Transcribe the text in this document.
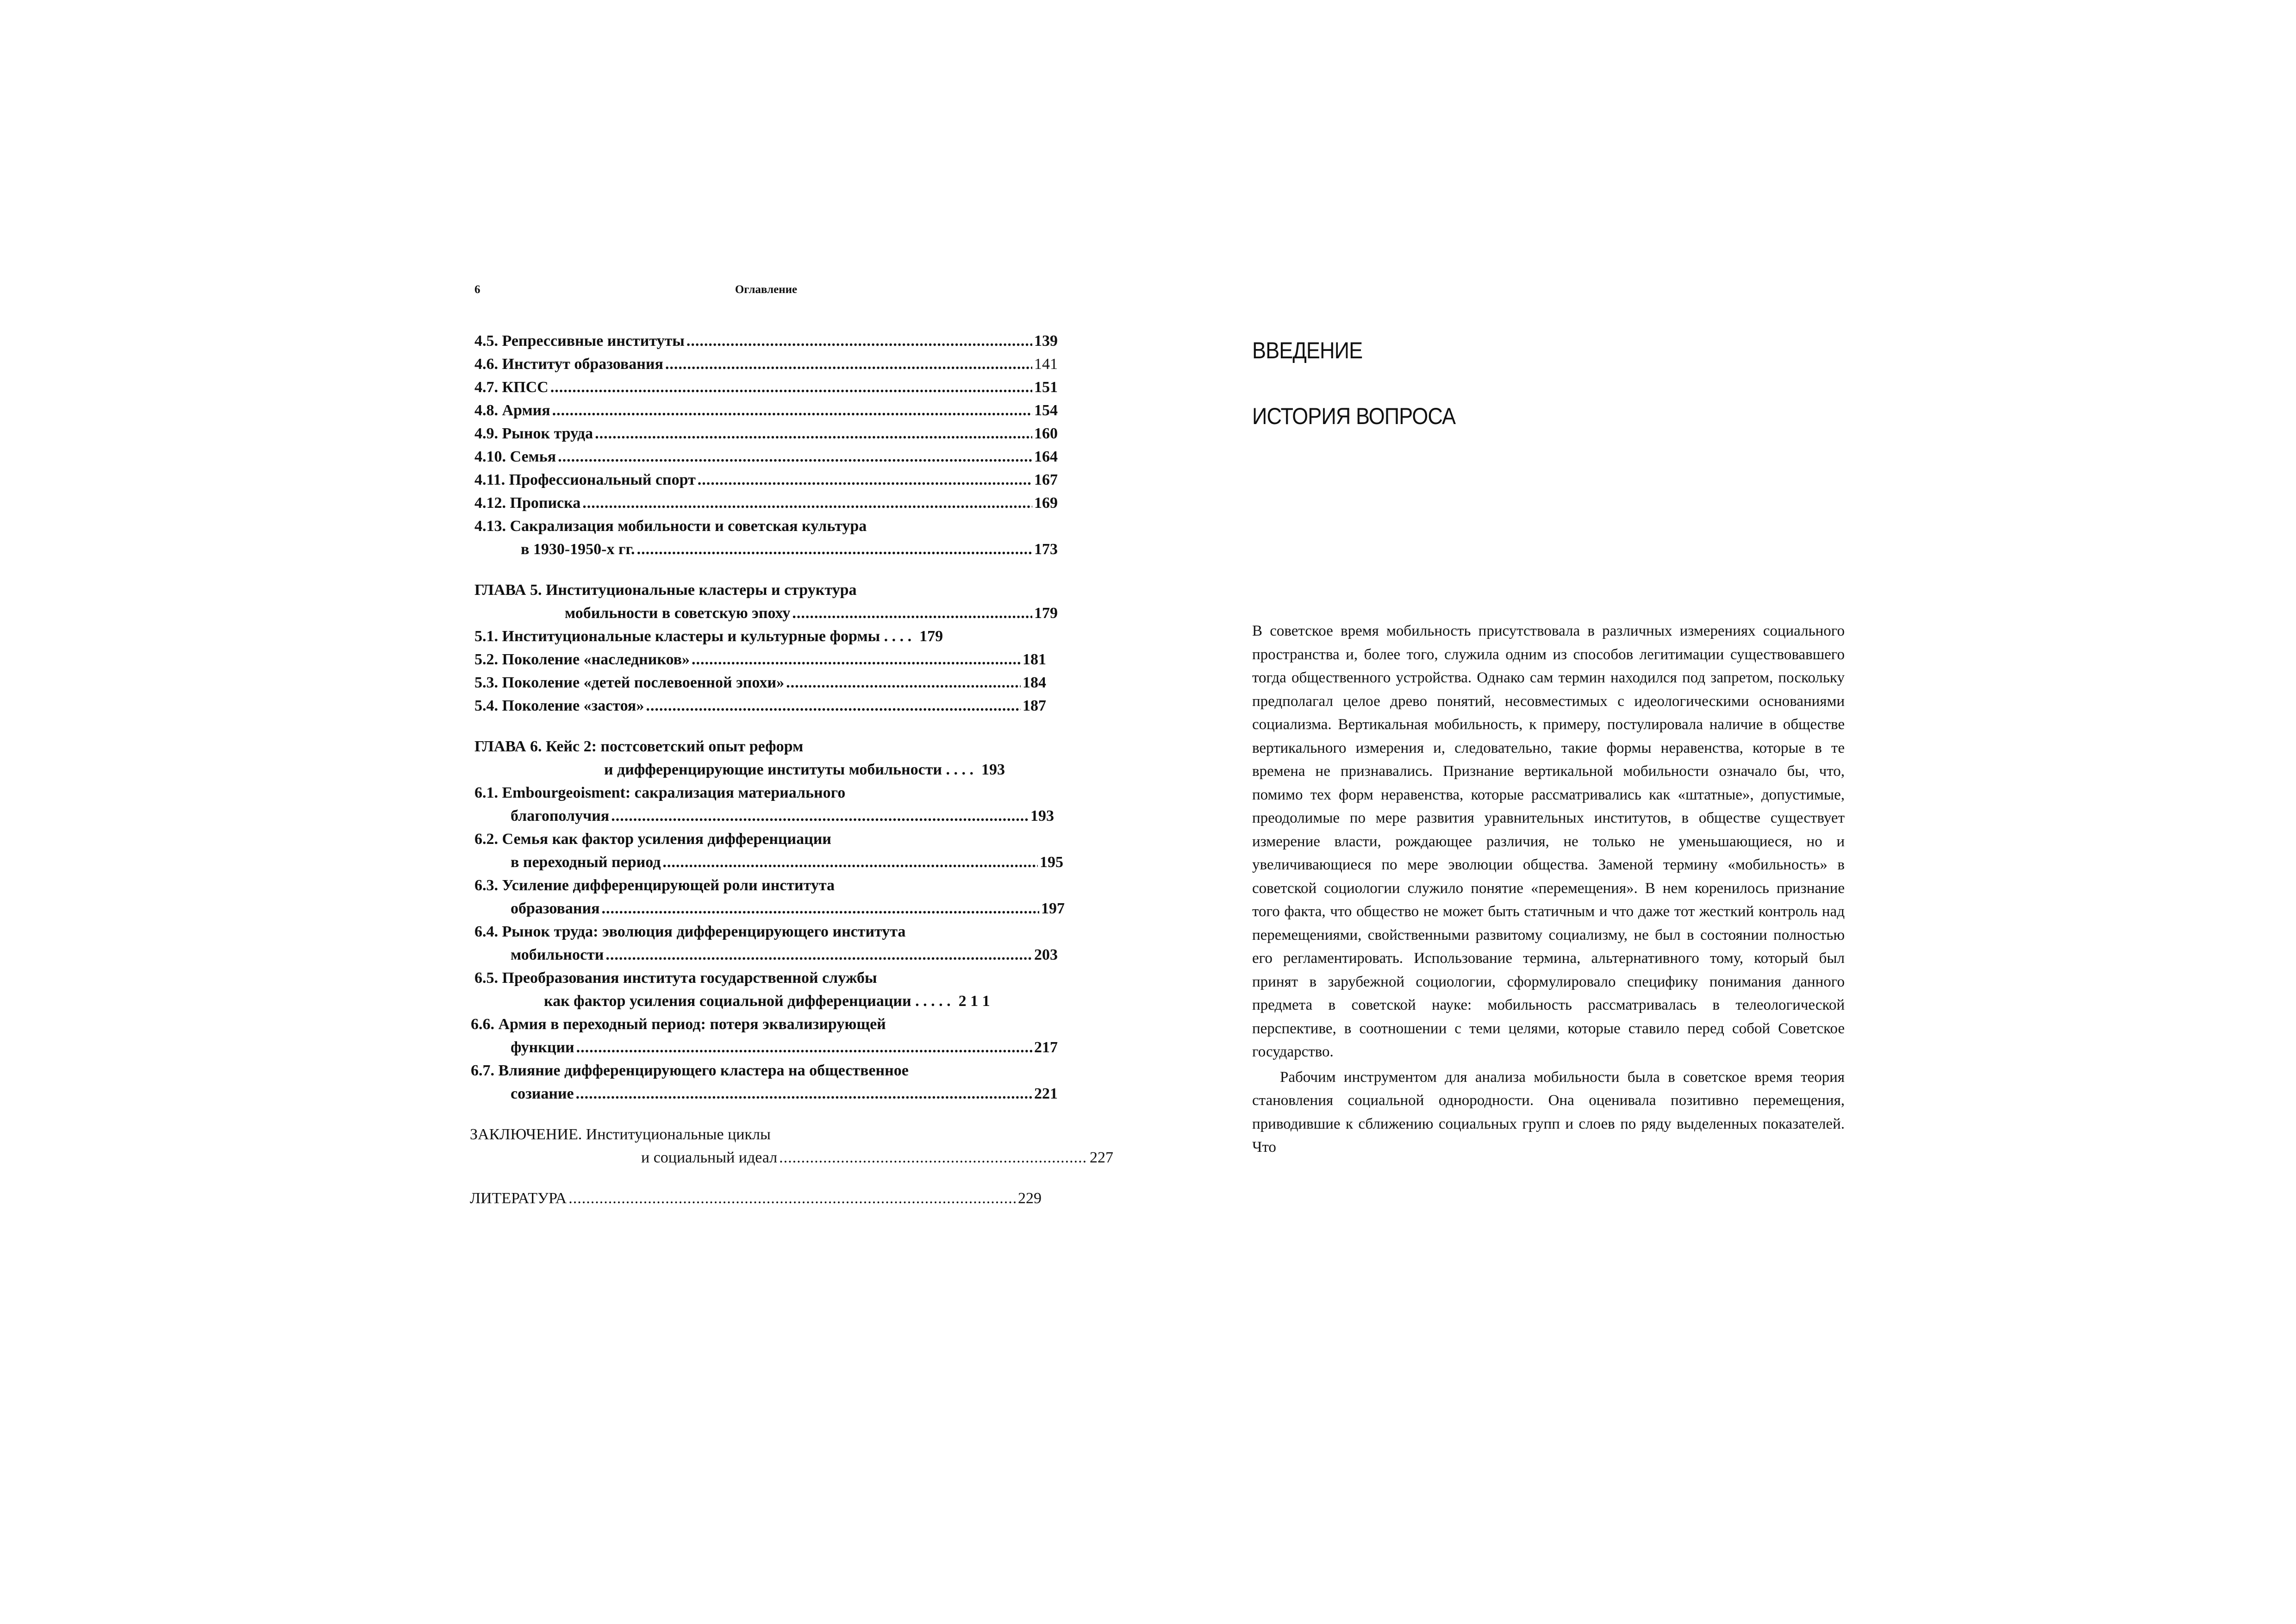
6	Оглавление
4.5. Репрессивные институты .....	139
4.6. Институт образования .....	141
4.7. КПСС .....	151
4.8. Армия .....	154
4.9. Рынок труда .....	160
4.10. Семья .....	164
4.11. Профессиональный спорт .....	167
4.12. Прописка .....	169
4.13. Сакрализация мобильности и советская культура
в 1930-1950-х гг. .....	173
ГЛАВА 5. Институциональные кластеры и структура
мобильности в советскую эпоху .....	179
5.1. Институциональные кластеры и культурные формы . . . . 179
5.2. Поколение «наследников» .....	181
5.3. Поколение «детей послевоенной эпохи» .....	184
5.4. Поколение «застоя» .....	187
ГЛАВА 6. Кейс 2: постсоветский опыт реформ
и дифференцирующие институты мобильности . . . . 193
6.1. Embourgeoisment: сакрализация материального
благополучия .....	193
6.2. Семья как фактор усиления дифференциации
в переходный период .....	195
6.3. Усиление дифференцирующей роли института
образования .....	197
6.4. Рынок труда: эволюция дифференцирующего института
мобильности .....	203
6.5. Преобразования института государственной службы
как фактор усиления социальной дифференциации . . . . . 2 1 1
6.6. Армия в переходный период: потеря эквализирующей
функции .....	217
6.7. Влияние дифференцирующего кластера на общественное
созиание .....	221
ЗАКЛЮЧЕНИЕ. Институциональные циклы
и социальный идеал .....	227
ЛИТЕРАТУРА .....	229
ВВЕДЕНИЕ
ИСТОРИЯ ВОПРОСА

В советское время мобильность присутствовала в различных измерениях социального пространства и, более того, служила одним из способов легитимации существовавшего тогда общественного устройства. Однако сам термин находился под запретом, поскольку предполагал целое древо понятий, несовместимых с идеологическими основаниями социализма. Вертикальная мобильность, к примеру, постулировала наличие в обществе вертикального измерения и, следовательно, такие формы неравенства, которые в те времена не признавались. Признание вертикальной мобильности означало бы, что, помимо тех форм неравенства, которые рассматривались как «штатные», допустимые, преодолимые по мере развития уравнительных институтов, в обществе существует измерение власти, рождающее различия, не только не уменьшающиеся, но и увеличивающиеся по мере эволюции общества. Заменой термину «мобильность» в советской социологии служило понятие «перемещения». В нем коренилось признание того факта, что общество не может быть статичным и что даже тот жесткий контроль над перемещениями, свойственными развитому социализму, не был в состоянии полностью его регламентировать. Использование термина, альтернативного тому, который был принят в зарубежной социологии, сформулировало специфику понимания данного предмета в советской науке: мобильность рассматривалась в телеологической перспективе, в соотношении с теми целями, которые ставило перед собой Советское государство.

Рабочим инструментом для анализа мобильности была в советское время теория становления социальной однородности. Она оценивала позитивно перемещения, приводившие к сближению социальных групп и слоев по ряду выделенных показателей. Что
